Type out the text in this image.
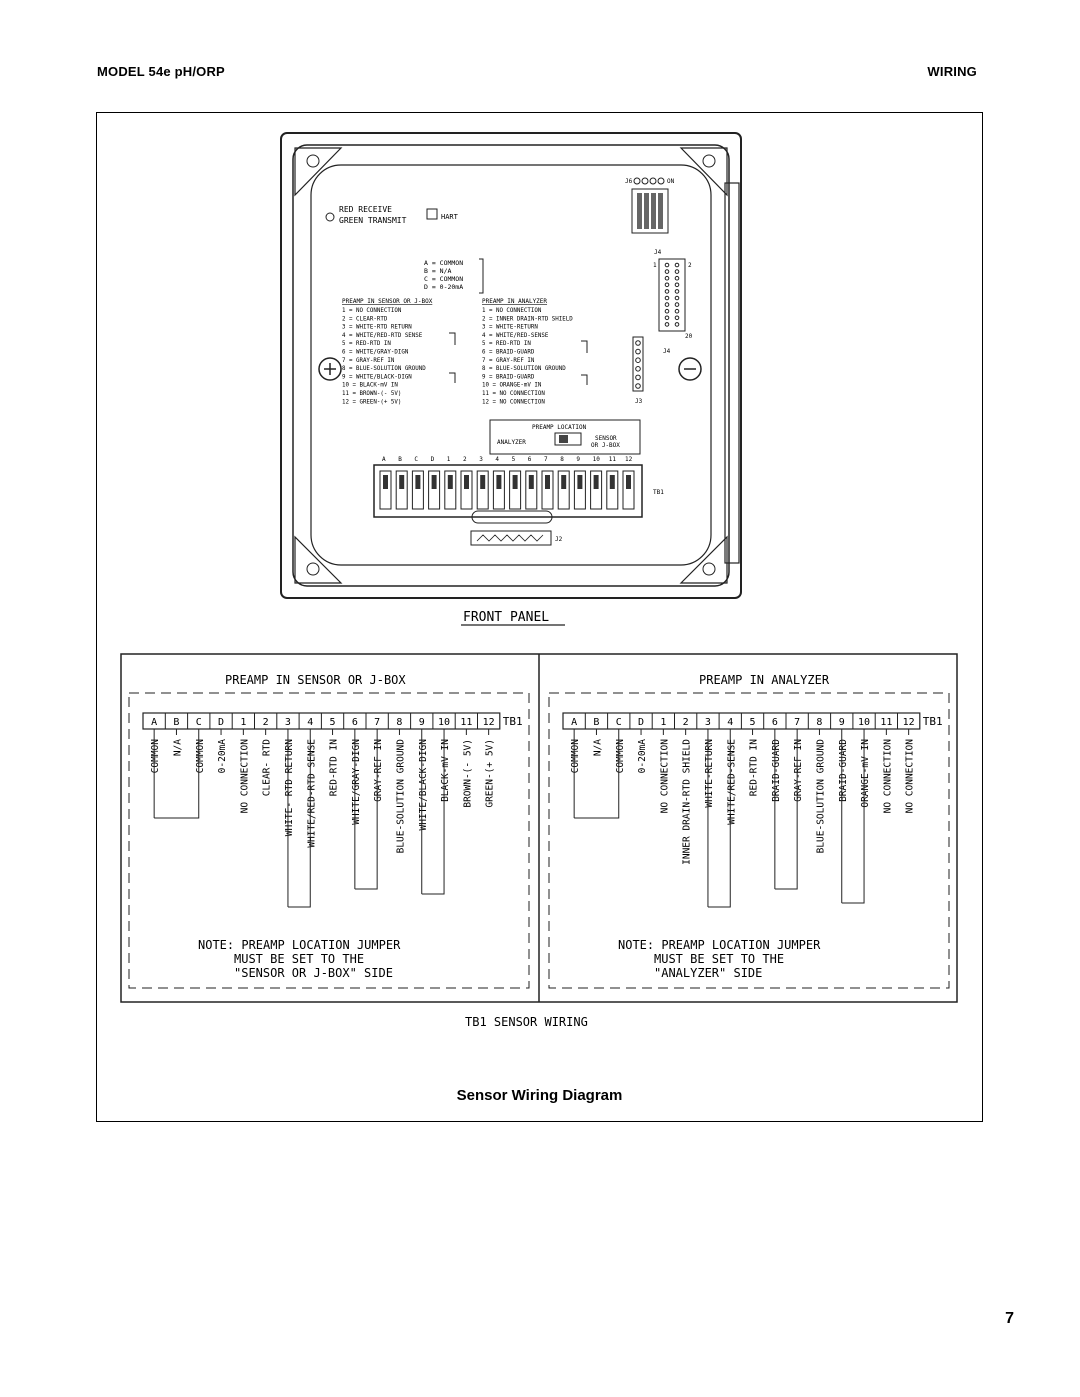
MODEL 54e pH/ORP	WIRING
RED RECEIVE
GREEN TRANSMIT	HART
J6	ON
J4
1	2
20
J4
J3
A = COMMON
B = N/A
C = COMMON
D = 0-20mA
PREAMP IN SENSOR OR J-BOX	PREAMP IN ANALYZER
1 = NO CONNECTION
2 = CLEAR-RTD
3 = WHITE-RTD RETURN
4 = WHITE/RED-RTD SENSE
5 = RED-RTD IN
6 = WHITE/GRAY-DIGN
7 = GRAY-REF IN
8 = BLUE-SOLUTION GROUND
9 = WHITE/BLACK-DIGN
10 = BLACK-mV IN
11 = BROWN-(- 5V)
12 = GREEN-(+ 5V)
1 = NO CONNECTION
2 = INNER DRAIN-RTD SHIELD
3 = WHITE-RETURN
4 = WHITE/RED-SENSE
5 = RED-RTD IN
6 = BRAID-GUARD
7 = GRAY-REF IN
8 = BLUE-SOLUTION GROUND
9 = BRAID-GUARD
10 = ORANGE-mV IN
11 = NO CONNECTION
12 = NO CONNECTION
PREAMP LOCATION
ANALYZER
SENSOR
OR J-BOX
A B C D 1 2 3 4 5 6 7 8 9 10 11 12
TB1
J2
FRONT PANEL
PREAMP IN SENSOR OR J-BOX
A
COMMON
B
N/A
C
COMMON
D
0-20mA
1
NO CONNECTION
2
CLEAR- RTD
3
WHITE- RTD RETURN
4
WHITE/RED-RTD SENSE
5
RED-RTD IN
6
WHITE/GRAY-DIGN
7
GRAY-REF IN
8
BLUE-SOLUTION GROUND
9
WHITE/BLACK-DIGN
10
BLACK-mV IN
11
BROWN-(- 5V)
12
GREEN-(+ 5V)
TB1
NOTE: PREAMP LOCATION JUMPER
MUST BE SET TO THE
"SENSOR OR J-BOX" SIDE
PREAMP IN ANALYZER
A
COMMON
B
N/A
C
COMMON
D
0-20mA
1
NO CONNECTION
2
INNER DRAIN-RTD SHIELD
3
WHITE-RETURN
4
WHITE/RED-SENSE
5
RED-RTD IN
6
BRAID-GUARD
7
GRAY-REF IN
8
BLUE-SOLUTION GROUND
9
BRAID-GUARD
10
ORANGE-mV IN
11
NO CONNECTION
12
NO CONNECTION
TB1
NOTE: PREAMP LOCATION JUMPER
MUST BE SET TO THE
"ANALYZER" SIDE
TB1 SENSOR WIRING
Sensor Wiring Diagram
7
